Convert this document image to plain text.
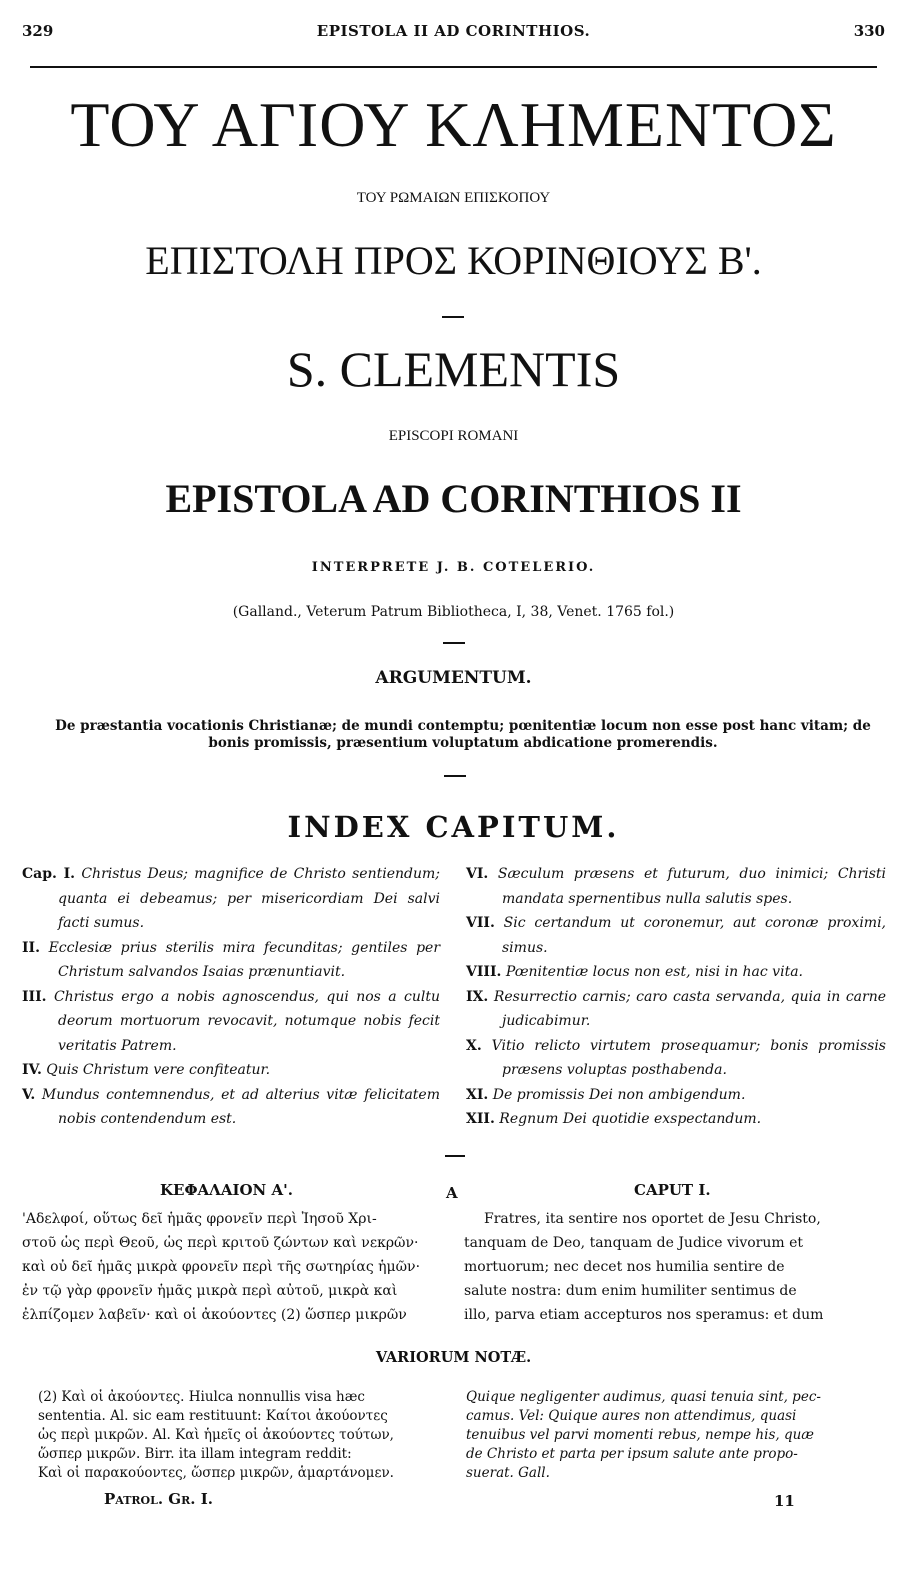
329	EPISTOLA II AD CORINTHIOS.	330
ΤΟΥ ΑΓΙΟΥ ΚΛΗΜΕΝΤΟΣ
ΤΟΥ ΡΩΜΑΙΩΝ ΕΠΙΣΚΟΠΟΥ
ΕΠΙΣΤΟΛΗ ΠΡΟΣ ΚΟΡΙΝΘΙΟΥΣ Β'.
S. CLEMENTIS
EPISCOPI ROMANI
EPISTOLA AD CORINTHIOS II
INTERPRETE J. B. COTELERIO.
(Galland., Veterum Patrum Bibliotheca, I, 38, Venet. 1765 fol.)
ARGUMENTUM.
De præstantia vocationis Christianæ; de mundi contemptu; pœnitentiæ locum non esse post hanc vitam; de bonis promissis, præsentium voluptatum abdicatione promerendis.
INDEX CAPITUM.

Cap. I. Christus Deus; magnifice de Christo sentiendum; quanta ei debeamus; per misericordiam Dei salvi facti sumus.

II. Ecclesiæ prius sterilis mira fecunditas; gentiles per Christum salvandos Isaias prænuntiavit.

III. Christus ergo a nobis agnoscendus, qui nos a cultu deorum mortuorum revocavit, notumque nobis fecit veritatis Patrem.

IV. Quis Christum vere confiteatur.

V. Mundus contemnendus, et ad alterius vitæ felicitatem nobis contendendum est.

VI. Sæculum præsens et futurum, duo inimici; Christi mandata spernentibus nulla salutis spes.

VII. Sic certandum ut coronemur, aut coronæ proximi, simus.

VIII. Pœnitentiæ locus non est, nisi in hac vita.

IX. Resurrectio carnis; caro casta servanda, quia in carne judicabimur.

X. Vitio relicto virtutem prosequamur; bonis promissis præsens voluptas posthabenda.

XI. De promissis Dei non ambigendum.

XII. Regnum Dei quotidie exspectandum.

ΚΕΦΑΛΑΙΟΝ Α'.	A	CAPUT I.
'Αδελφοί, οὕτως δεῖ ἡμᾶς φρονεῖν περὶ Ἰησοῦ Χρι-
στοῦ ὡς περὶ Θεοῦ, ὡς περὶ κριτοῦ ζώντων καὶ νεκρῶν·
καὶ οὐ δεῖ ἡμᾶς μικρὰ φρονεῖν περὶ τῆς σωτηρίας ἡμῶν·
ἐν τῷ γὰρ φρονεῖν ἡμᾶς μικρὰ περὶ αὐτοῦ, μικρὰ καὶ
ἐλπίζομεν λαβεῖν· καὶ οἱ ἀκούοντες (2) ὥσπερ μικρῶν
Fratres, ita sentire nos oportet de Jesu Christo,
tanquam de Deo, tanquam de Judice vivorum et
mortuorum; nec decet nos humilia sentire de
salute nostra: dum enim humiliter sentimus de
illo, parva etiam accepturos nos speramus: et dum
VARIORUM NOTÆ.
(2) Καὶ οἱ ἀκούοντες. Hiulca nonnullis visa hæc
sententia. Al. sic eam restituunt: Καίτοι ἀκούοντες
ὡς περὶ μικρῶν. Al. Καὶ ἡμεῖς οἱ ἀκούοντες τούτων,
ὥσπερ μικρῶν. Birr. ita illam integram reddit:
Καὶ οἱ παρακούοντες, ὥσπερ μικρῶν, ἁμαρτάνομεν.
Quique negligenter audimus, quasi tenuia sint, pec-
camus. Vel: Quique aures non attendimus, quasi
tenuibus vel parvi momenti rebus, nempe his, quæ
de Christo et parta per ipsum salute ante propo-
suerat. Gall.
Patrol. Gr. I.	11
